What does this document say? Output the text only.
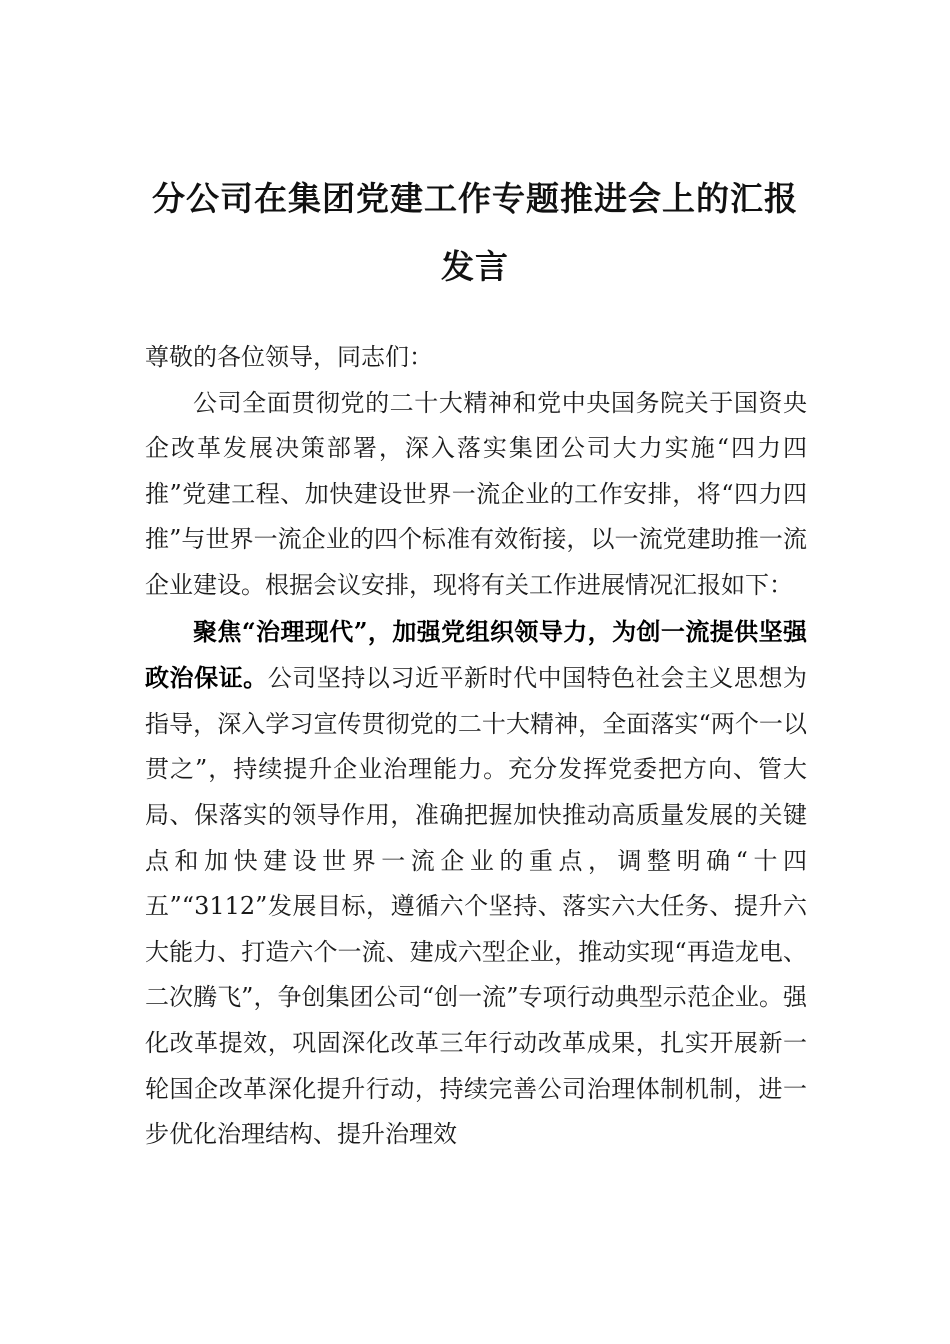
分公司在集团党建工作专题推进会上的汇报发言

尊敬的各位领导，同志们：

公司全面贯彻党的二十大精神和党中央国务院关于国资央企改革发展决策部署，深入落实集团公司大力实施“四力四推”党建工程、加快建设世界一流企业的工作安排，将“四力四推”与世界一流企业的四个标准有效衔接，以一流党建助推一流企业建设。根据会议安排，现将有关工作进展情况汇报如下：

聚焦“治理现代”，加强党组织领导力，为创一流提供坚强政治保证。公司坚持以习近平新时代中国特色社会主义思想为指导，深入学习宣传贯彻党的二十大精神，全面落实“两个一以贯之”，持续提升企业治理能力。充分发挥党委把方向、管大局、保落实的领导作用，准确把握加快推动高质量发展的关键点和加快建设世界一流企业的重点，调整明确“十四五”“3112”发展目标，遵循六个坚持、落实六大任务、提升六大能力、打造六个一流、建成六型企业，推动实现“再造龙电、二次腾飞”，争创集团公司“创一流”专项行动典型示范企业。强化改革提效，巩固深化改革三年行动改革成果，扎实开展新一轮国企改革深化提升行动，持续完善公司治理体制机制，进一步优化治理结构、提升治理效
